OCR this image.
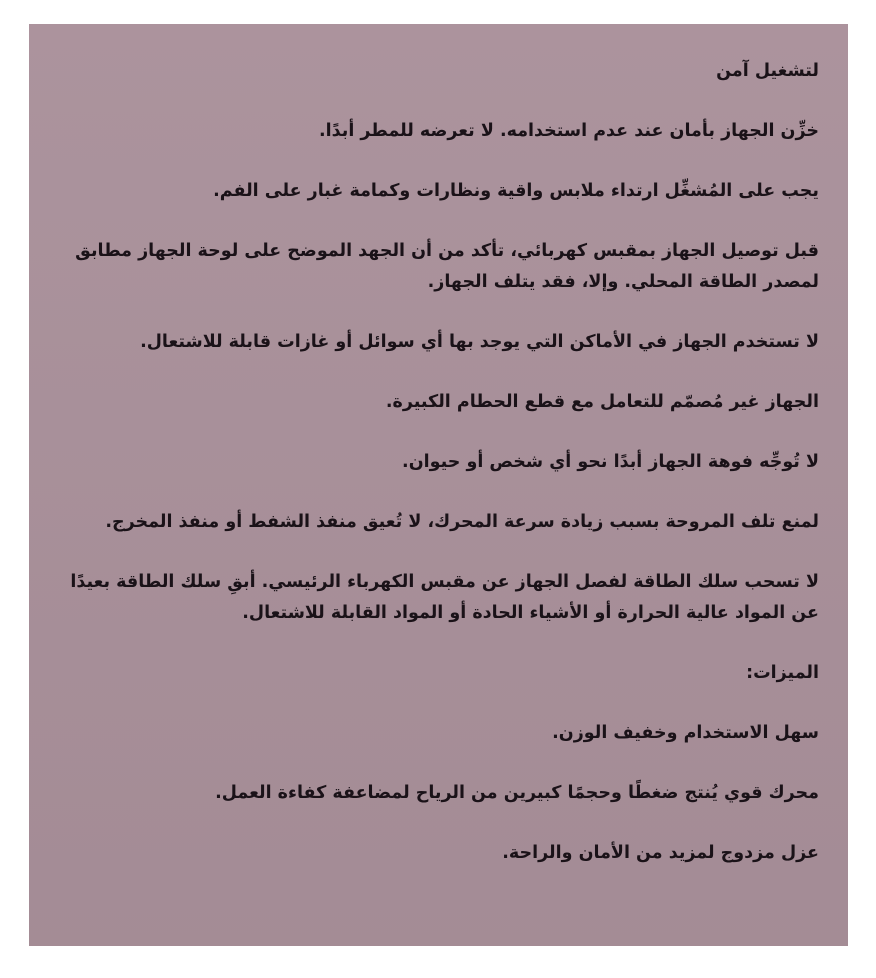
لتشغيل آمن

خزِّن الجهاز بأمان عند عدم استخدامه. لا تعرضه للمطر أبدًا.

يجب على المُشغِّل ارتداء ملابس واقية ونظارات وكمامة غبار على الفم.

قبل توصيل الجهاز بمقبس كهربائي، تأكد من أن الجهد الموضح على لوحة الجهاز مطابق لمصدر الطاقة المحلي. وإلا، فقد يتلف الجهاز.

لا تستخدم الجهاز في الأماكن التي يوجد بها أي سوائل أو غازات قابلة للاشتعال.

الجهاز غير مُصمّم للتعامل مع قطع الحطام الكبيرة.

لا تُوجِّه فوهة الجهاز أبدًا نحو أي شخص أو حيوان.

لمنع تلف المروحة بسبب زيادة سرعة المحرك، لا تُعيق منفذ الشفط أو منفذ المخرج.

لا تسحب سلك الطاقة لفصل الجهاز عن مقبس الكهرباء الرئيسي. أبقِ سلك الطاقة بعيدًا عن المواد عالية الحرارة أو الأشياء الحادة أو المواد القابلة للاشتعال.

الميزات:

سهل الاستخدام وخفيف الوزن.

محرك قوي يُنتج ضغطًا وحجمًا كبيرين من الرياح لمضاعفة كفاءة العمل.

عزل مزدوج لمزيد من الأمان والراحة.
